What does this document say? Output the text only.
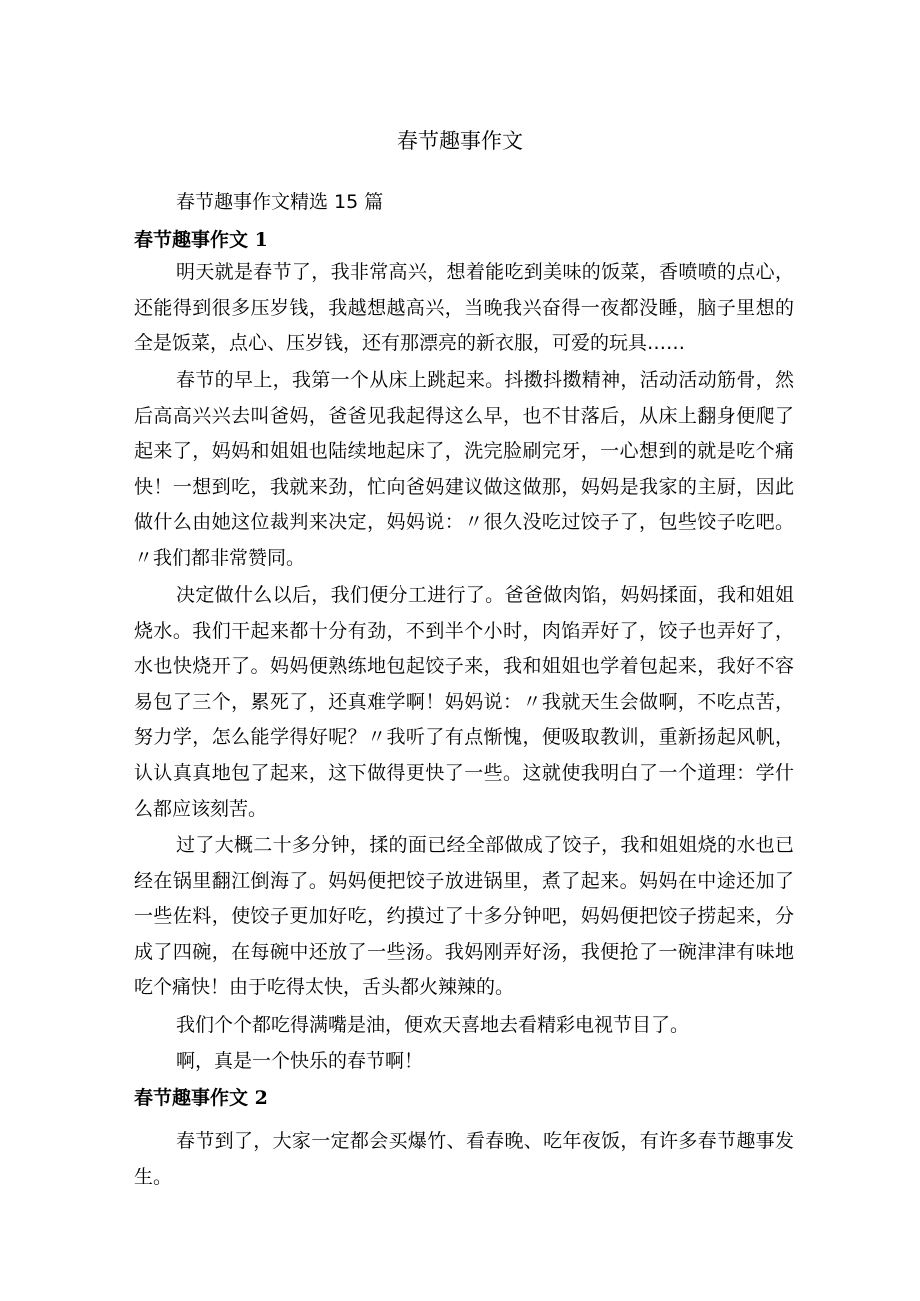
春节趣事作文

春节趣事作文精选 15 篇

春节趣事作文 1

明天就是春节了，我非常高兴，想着能吃到美味的饭菜，香喷喷的点心，还能得到很多压岁钱，我越想越高兴，当晚我兴奋得一夜都没睡，脑子里想的全是饭菜，点心、压岁钱，还有那漂亮的新衣服，可爱的玩具……

春节的早上，我第一个从床上跳起来。抖擞抖擞精神，活动活动筋骨，然后高高兴兴去叫爸妈，爸爸见我起得这么早，也不甘落后，从床上翻身便爬了起来了，妈妈和姐姐也陆续地起床了，洗完脸刷完牙，一心想到的就是吃个痛快！一想到吃，我就来劲，忙向爸妈建议做这做那，妈妈是我家的主厨，因此做什么由她这位裁判来决定，妈妈说：〃很久没吃过饺子了，包些饺子吃吧。〃我们都非常赞同。

决定做什么以后，我们便分工进行了。爸爸做肉馅，妈妈揉面，我和姐姐烧水。我们干起来都十分有劲，不到半个小时，肉馅弄好了，饺子也弄好了，水也快烧开了。妈妈便熟练地包起饺子来，我和姐姐也学着包起来，我好不容易包了三个，累死了，还真难学啊！妈妈说：〃我就天生会做啊，不吃点苦，努力学，怎么能学得好呢？〃我听了有点惭愧，便吸取教训，重新扬起风帆，认认真真地包了起来，这下做得更快了一些。这就使我明白了一个道理：学什么都应该刻苦。

过了大概二十多分钟，揉的面已经全部做成了饺子，我和姐姐烧的水也已经在锅里翻江倒海了。妈妈便把饺子放进锅里，煮了起来。妈妈在中途还加了一些佐料，使饺子更加好吃，约摸过了十多分钟吧，妈妈便把饺子捞起来，分成了四碗，在每碗中还放了一些汤。我妈刚弄好汤，我便抢了一碗津津有味地吃个痛快！由于吃得太快，舌头都火辣辣的。

我们个个都吃得满嘴是油，便欢天喜地去看精彩电视节目了。

啊，真是一个快乐的春节啊！

春节趣事作文 2

春节到了，大家一定都会买爆竹、看春晚、吃年夜饭，有许多春节趣事发生。
